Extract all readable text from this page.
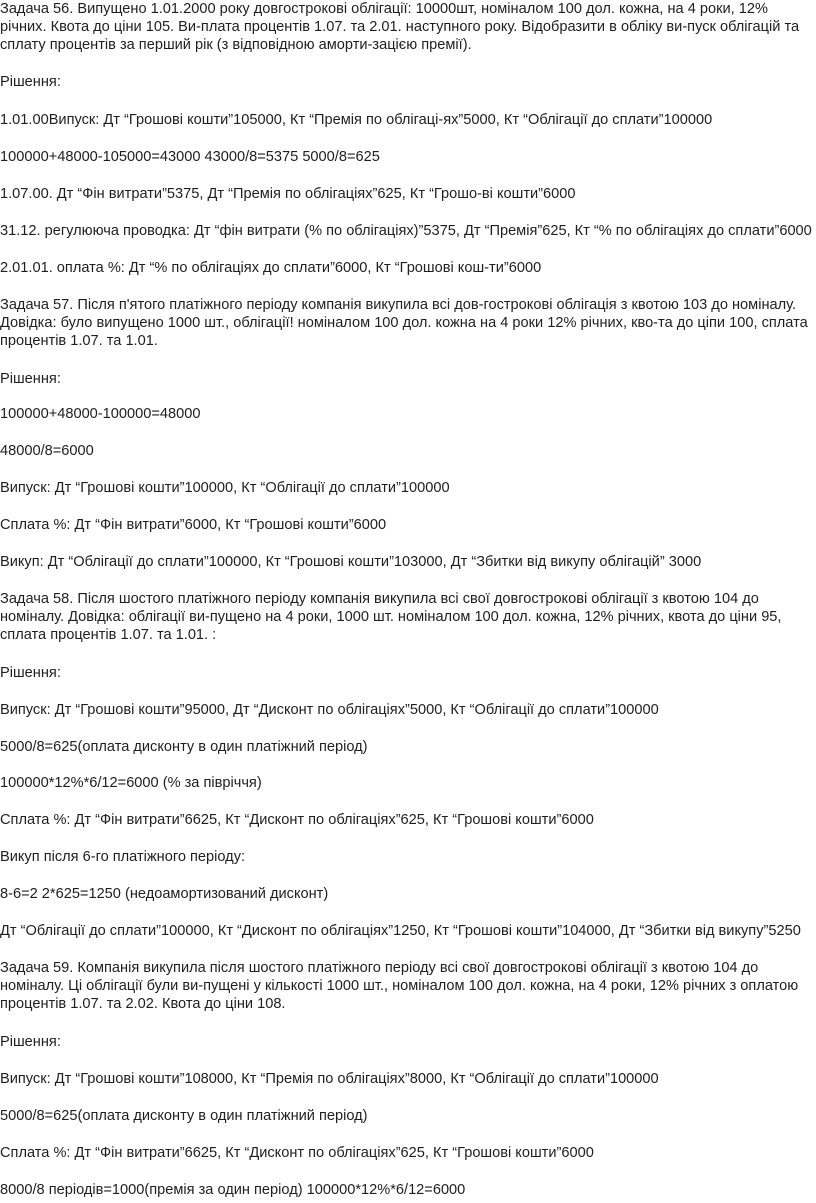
Задача 56. Випущено 1.01.2000 року довгострокові облігації: 10000шт, номіналом 100 дол. кожна, на 4 роки, 12% річних. Квота до ціни 105. Ви-плата процентів 1.07. та 2.01. наступного року. Відобразити в обліку ви-пуск облігацій та сплату процентів за перший рік (з відповідною аморти-зацією премії).

Рішення:

1.01.00Випуск: Дт “Грошові кошти”105000, Кт “Премія по облігаці-ях”5000, Кт “Облігації до сплати”100000

100000+48000-105000=43000 43000/8=5375 5000/8=625

1.07.00. Дт “Фін витрати”5375, Дт “Премія по облігаціях”625, Кт “Грошо-ві кошти”6000

31.12. регулююча проводка: Дт “фін витрати (% по облігаціях)”5375, Дт “Премія”625, Кт “% по облігаціях до сплати”6000

2.01.01. оплата %: Дт “% по облігаціях до сплати”6000, Кт “Грошові кош-ти”6000

Задача 57. Після п'ятого платіжного періоду компанія викупила всі дов-гострокові облігація з квотою 103 до номіналу. Довідка: було випущено 1000 шт., облігації! номіналом 100 дол. кожна на 4 роки 12% річних, кво-та до ціпи 100, сплата процентів 1.07. та 1.01.

Рішення:

100000+48000-100000=48000

48000/8=6000

Випуск: Дт “Грошові кошти”100000, Кт “Облігації до сплати”100000

Сплата %: Дт “Фін витрати”6000, Кт “Грошові кошти”6000

Викуп: Дт “Облігації до сплати”100000, Кт “Грошові кошти”103000, Дт “Збитки від викупу облігацій” 3000

Задача 58. Після шостого платіжного періоду компанія викупила всі свої довгострокові облігації з квотою 104 до номіналу. Довідка: облігації ви-пущено на 4 роки, 1000 шт. номіналом 100 дол. кожна, 12% річних, квота до ціни 95, сплата процентів 1.07. та 1.01. :

Рішення:

Випуск: Дт “Грошові кошти”95000, Дт “Дисконт по облігаціях”5000, Кт “Облігації до сплати”100000

5000/8=625(оплата дисконту в один платіжний період)

100000*12%*6/12=6000 (% за півріччя)

Сплата %: Дт “Фін витрати”6625, Кт “Дисконт по облігаціях”625, Кт “Грошові кошти”6000

Викуп після 6-го платіжного періоду:

8-6=2 2*625=1250 (недоамортизований дисконт)

Дт “Облігації до сплати”100000, Кт “Дисконт по облігаціях”1250, Кт “Грошові кошти”104000, Дт “Збитки від викупу”5250

Задача 59. Компанія викупила після шостого платіжного періоду всі свої довгострокові облігації з квотою 104 до номіналу. Ці облігації були ви-пущені у кількості 1000 шт., номіналом 100 дол. кожна, на 4 роки, 12% річних з оплатою процентів 1.07. та 2.02. Квота до ціни 108.

Рішення:

Випуск: Дт “Грошові кошти”108000, Кт “Премія по облігаціях”8000, Кт “Облігації до сплати”100000

5000/8=625(оплата дисконту в один платіжний період)

Сплата %: Дт “Фін витрати”6625, Кт “Дисконт по облігаціях”625, Кт “Грошові кошти”6000

8000/8 періодів=1000(премія за один період) 100000*12%*6/12=6000
